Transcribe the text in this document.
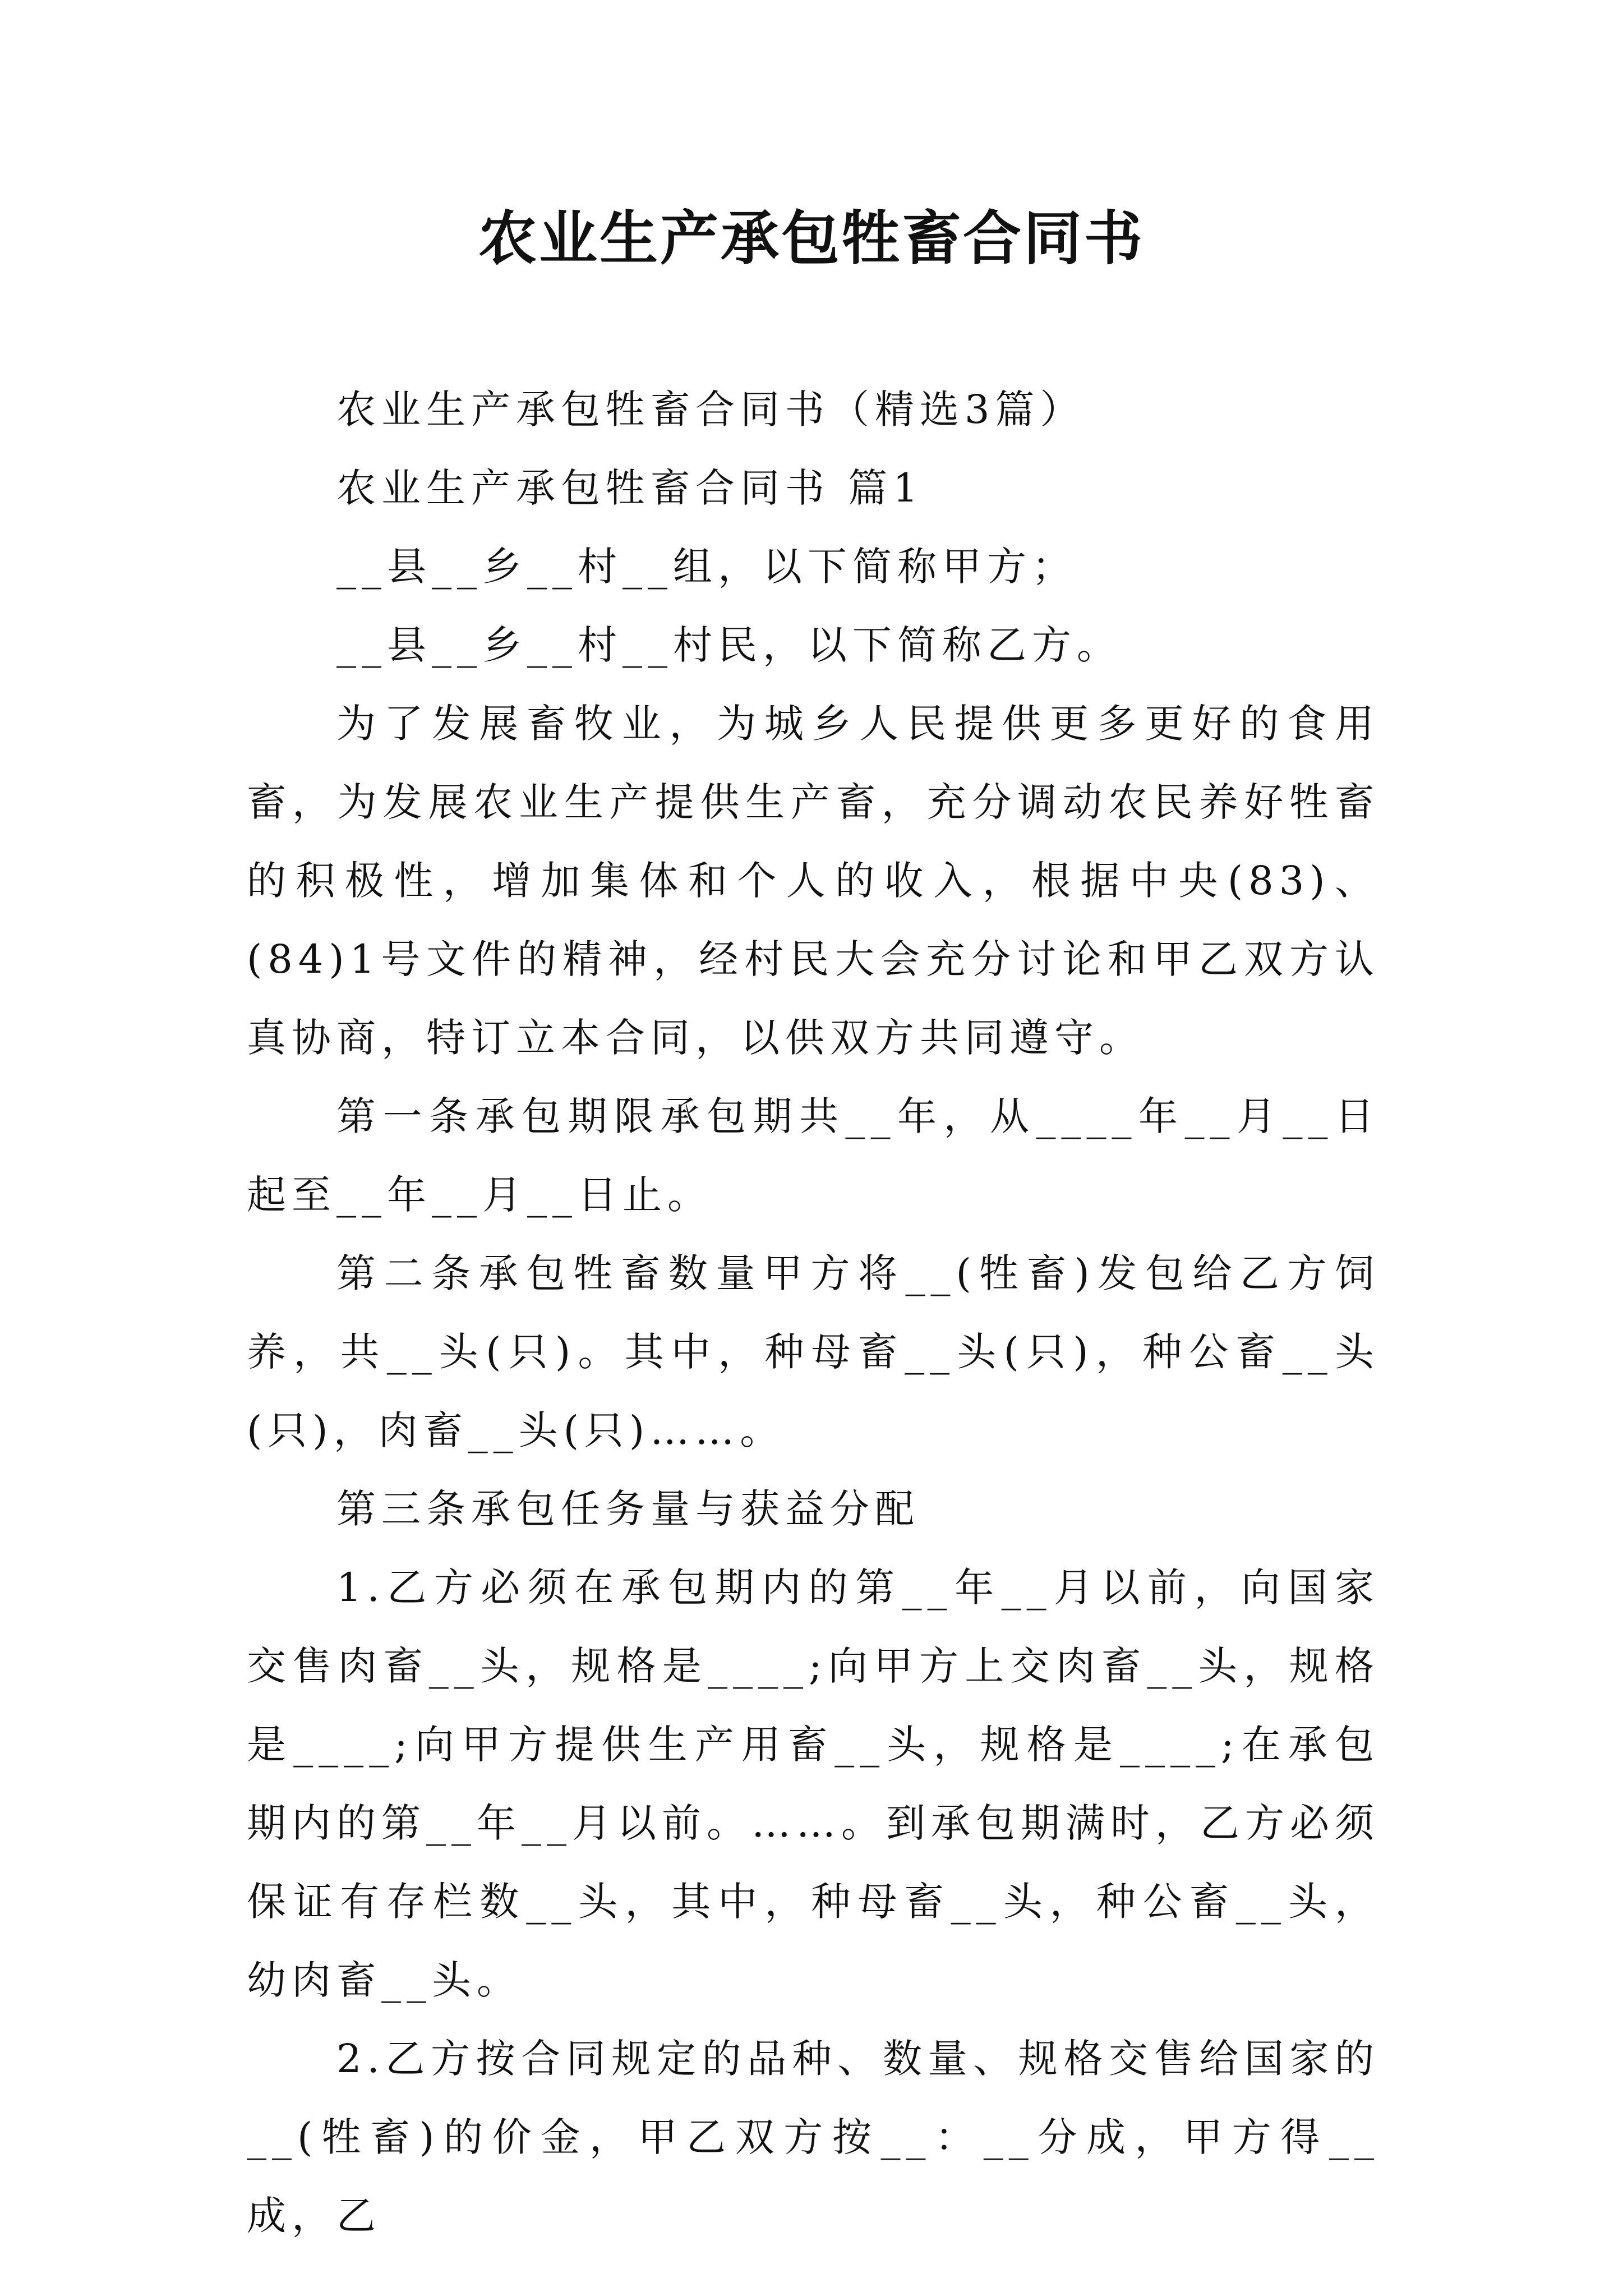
农业生产承包牲畜合同书

农业生产承包牲畜合同书（精选3篇）

农业生产承包牲畜合同书 篇1

__县__乡__村__组，以下简称甲方；

__县__乡__村__村民，以下简称乙方。

为了发展畜牧业，为城乡人民提供更多更好的食用畜，为发展农业生产提供生产畜，充分调动农民养好牲畜的积极性，增加集体和个人的收入，根据中央(83)、(84)1号文件的精神，经村民大会充分讨论和甲乙双方认真协商，特订立本合同，以供双方共同遵守。

第一条承包期限承包期共__年，从____年__月__日起至__年__月__日止。

第二条承包牲畜数量甲方将__(牲畜)发包给乙方饲养，共__头(只)。其中，种母畜__头(只)，种公畜__头(只)，肉畜__头(只)……。

第三条承包任务量与获益分配

1.乙方必须在承包期内的第__年__月以前，向国家交售肉畜__头，规格是____;向甲方上交肉畜__头，规格是____;向甲方提供生产用畜__头，规格是____;在承包期内的第__年__月以前。……。到承包期满时，乙方必须保证有存栏数__头，其中，种母畜__头，种公畜__头，幼肉畜__头。

2.乙方按合同规定的品种、数量、规格交售给国家的__(牲畜)的价金，甲乙双方按__：__分成，甲方得__成，乙
